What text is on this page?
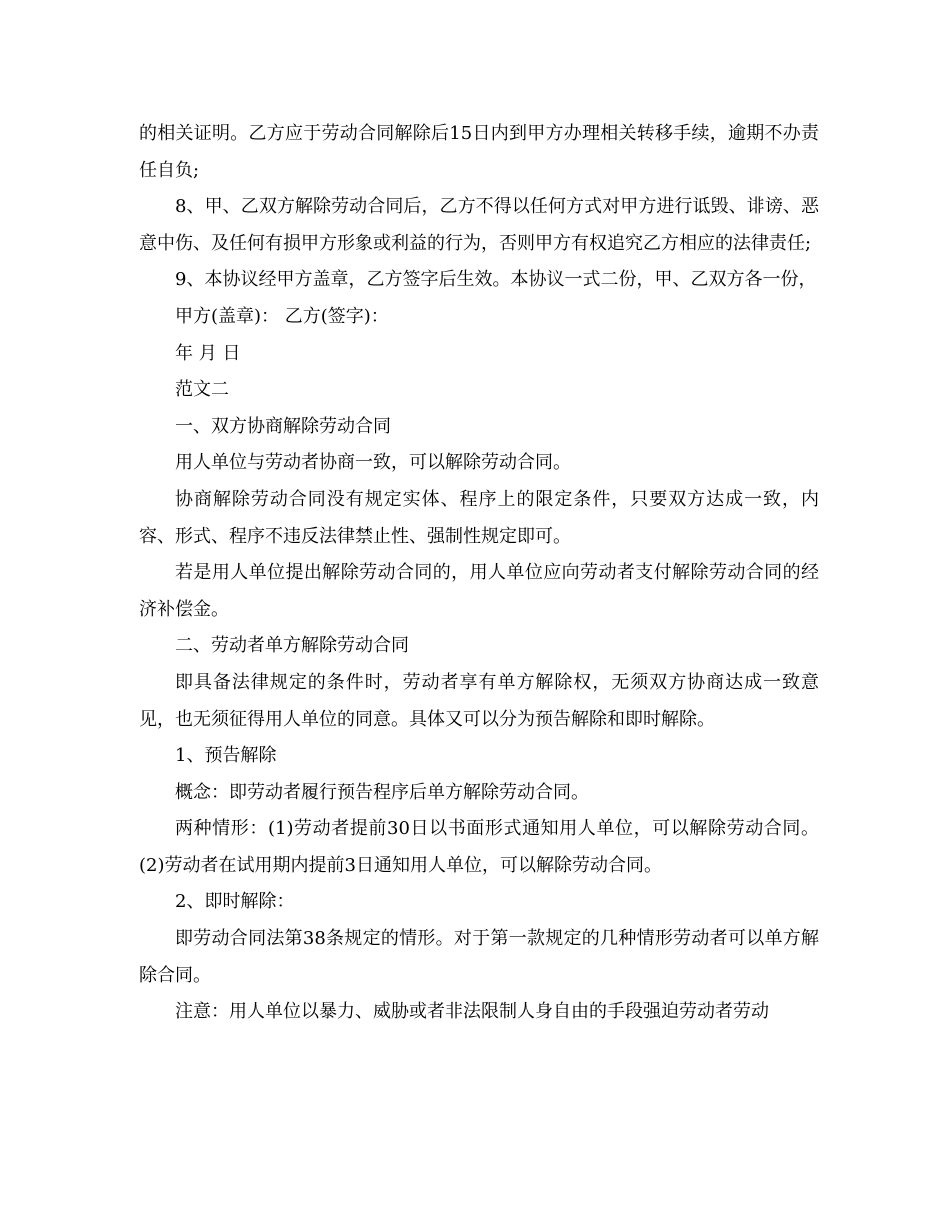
的相关证明。乙方应于劳动合同解除后15日内到甲方办理相关转移手续，逾期不办责任自负;

8、甲、乙双方解除劳动合同后，乙方不得以任何方式对甲方进行诋毁、诽谤、恶意中伤、及任何有损甲方形象或利益的行为，否则甲方有权追究乙方相应的法律责任;

9、本协议经甲方盖章，乙方签字后生效。本协议一式二份，甲、乙双方各一份，

甲方(盖章)： 乙方(签字)：

年 月 日

范文二

一、双方协商解除劳动合同

用人单位与劳动者协商一致，可以解除劳动合同。

协商解除劳动合同没有规定实体、程序上的限定条件，只要双方达成一致，内容、形式、程序不违反法律禁止性、强制性规定即可。

若是用人单位提出解除劳动合同的，用人单位应向劳动者支付解除劳动合同的经济补偿金。

二、劳动者单方解除劳动合同

即具备法律规定的条件时，劳动者享有单方解除权，无须双方协商达成一致意见，也无须征得用人单位的同意。具体又可以分为预告解除和即时解除。

1、预告解除

概念：即劳动者履行预告程序后单方解除劳动合同。

两种情形：(1)劳动者提前30日以书面形式通知用人单位，可以解除劳动合同。(2)劳动者在试用期内提前3日通知用人单位，可以解除劳动合同。

2、即时解除：

即劳动合同法第38条规定的情形。对于第一款规定的几种情形劳动者可以单方解除合同。

注意：用人单位以暴力、威胁或者非法限制人身自由的手段强迫劳动者劳动
